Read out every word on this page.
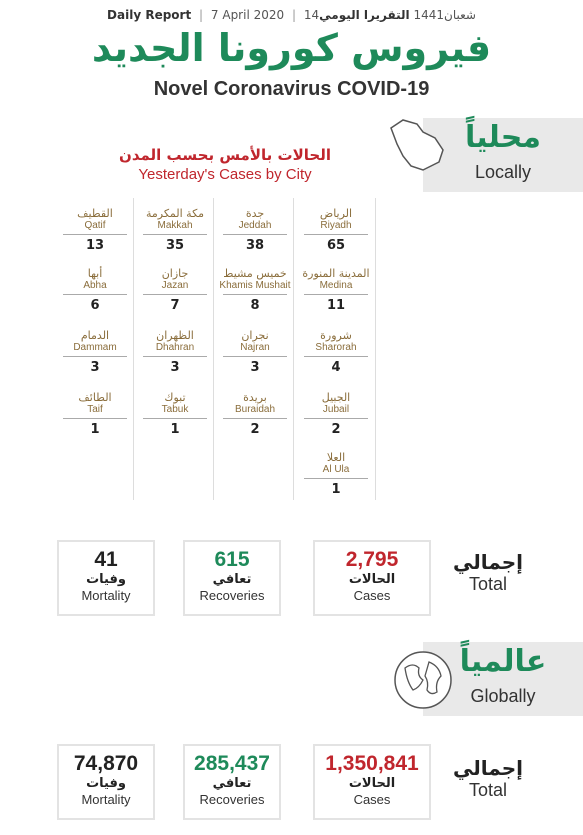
Daily Report | 7 April 2020 | 14شعبان1441 التقريرا اليومي
فيروس كورونا الجديد
Novel Coronavirus COVID-19
محلياً
Locally
الحالات بالأمس بحسب المدن
Yesterday's Cases by City
الرياض
Riyadh
65
جدة
Jeddah
38
مكة المكرمة
Makkah
35
القطيف
Qatif
13
المدينة المنورة
Medina
11
خميس مشيط
Khamis Mushait
8
جازان
Jazan
7
أبها
Abha
6
شرورة
Sharorah
4
نجران
Najran
3
الظهران
Dhahran
3
الدمام
Dammam
3
الجبيل
Jubail
2
بريدة
Buraidah
2
تبوك
Tabuk
1
الطائف
Taif
1
العلا
Al Ula
1
41
وفيات
Mortality
615
تعافي
Recoveries
2,795
الحالات
Cases
إجمالي
Total
عالمياً
Globally
74,870
وفيات
Mortality
285,437
تعافي
Recoveries
1,350,841
الحالات
Cases
إجمالي
Total
